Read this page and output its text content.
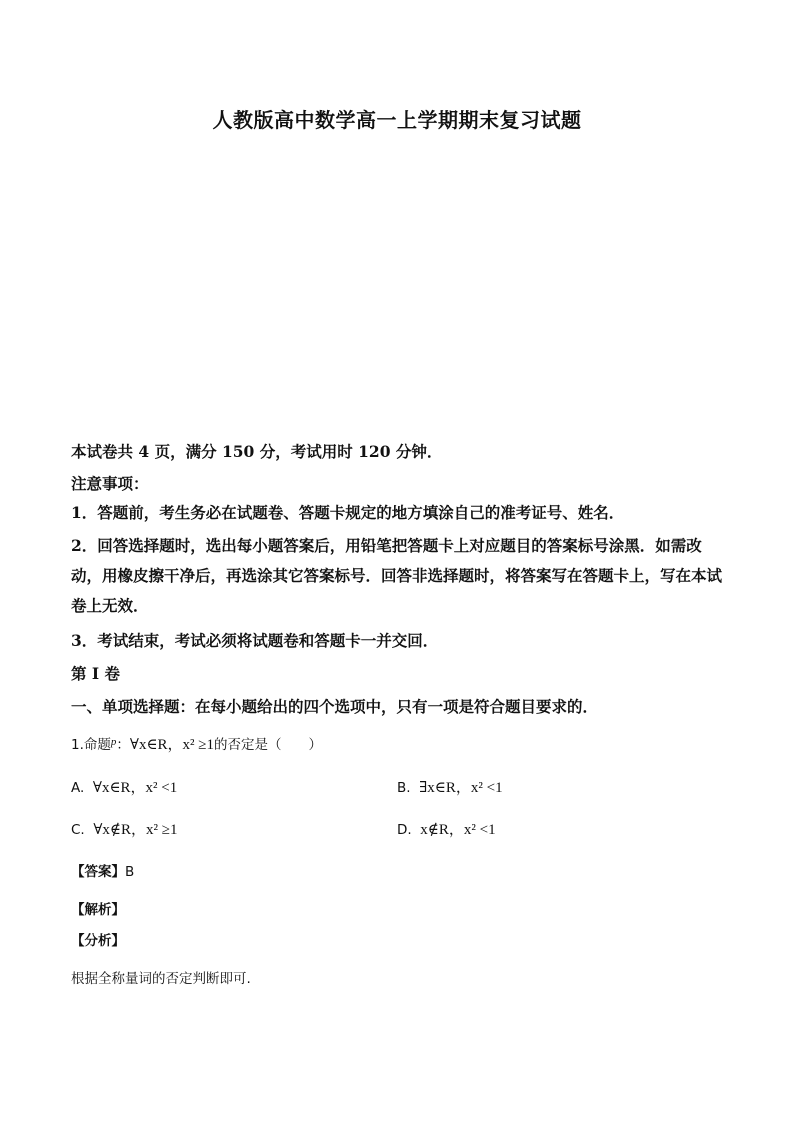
人教版高中数学高一上学期期末复习试题
本试卷共 4 页，满分 150 分，考试用时 120 分钟．
注意事项：
1．答题前，考生务必在试题卷、答题卡规定的地方填涂自己的准考证号、姓名．
2．回答选择题时，选出每小题答案后，用铅笔把答题卡上对应题目的答案标号涂黑．如需改动，用橡皮擦干净后，再选涂其它答案标号．回答非选择题时，将答案写在答题卡上，写在本试卷上无效．
3．考试结束，考试必须将试题卷和答题卡一并交回．
第 I 卷
一、单项选择题：在每小题给出的四个选项中，只有一项是符合题目要求的．
1.命题$^p$：∀x∈R，x² ≥1的否定是（　　）
A. ∀x∈R，x² <1	B. ∃x∈R，x² <1
C. ∀x∉R，x² ≥1	D. x∉R，x² <1
【答案】B
【解析】
【分析】
根据全称量词的否定判断即可.
